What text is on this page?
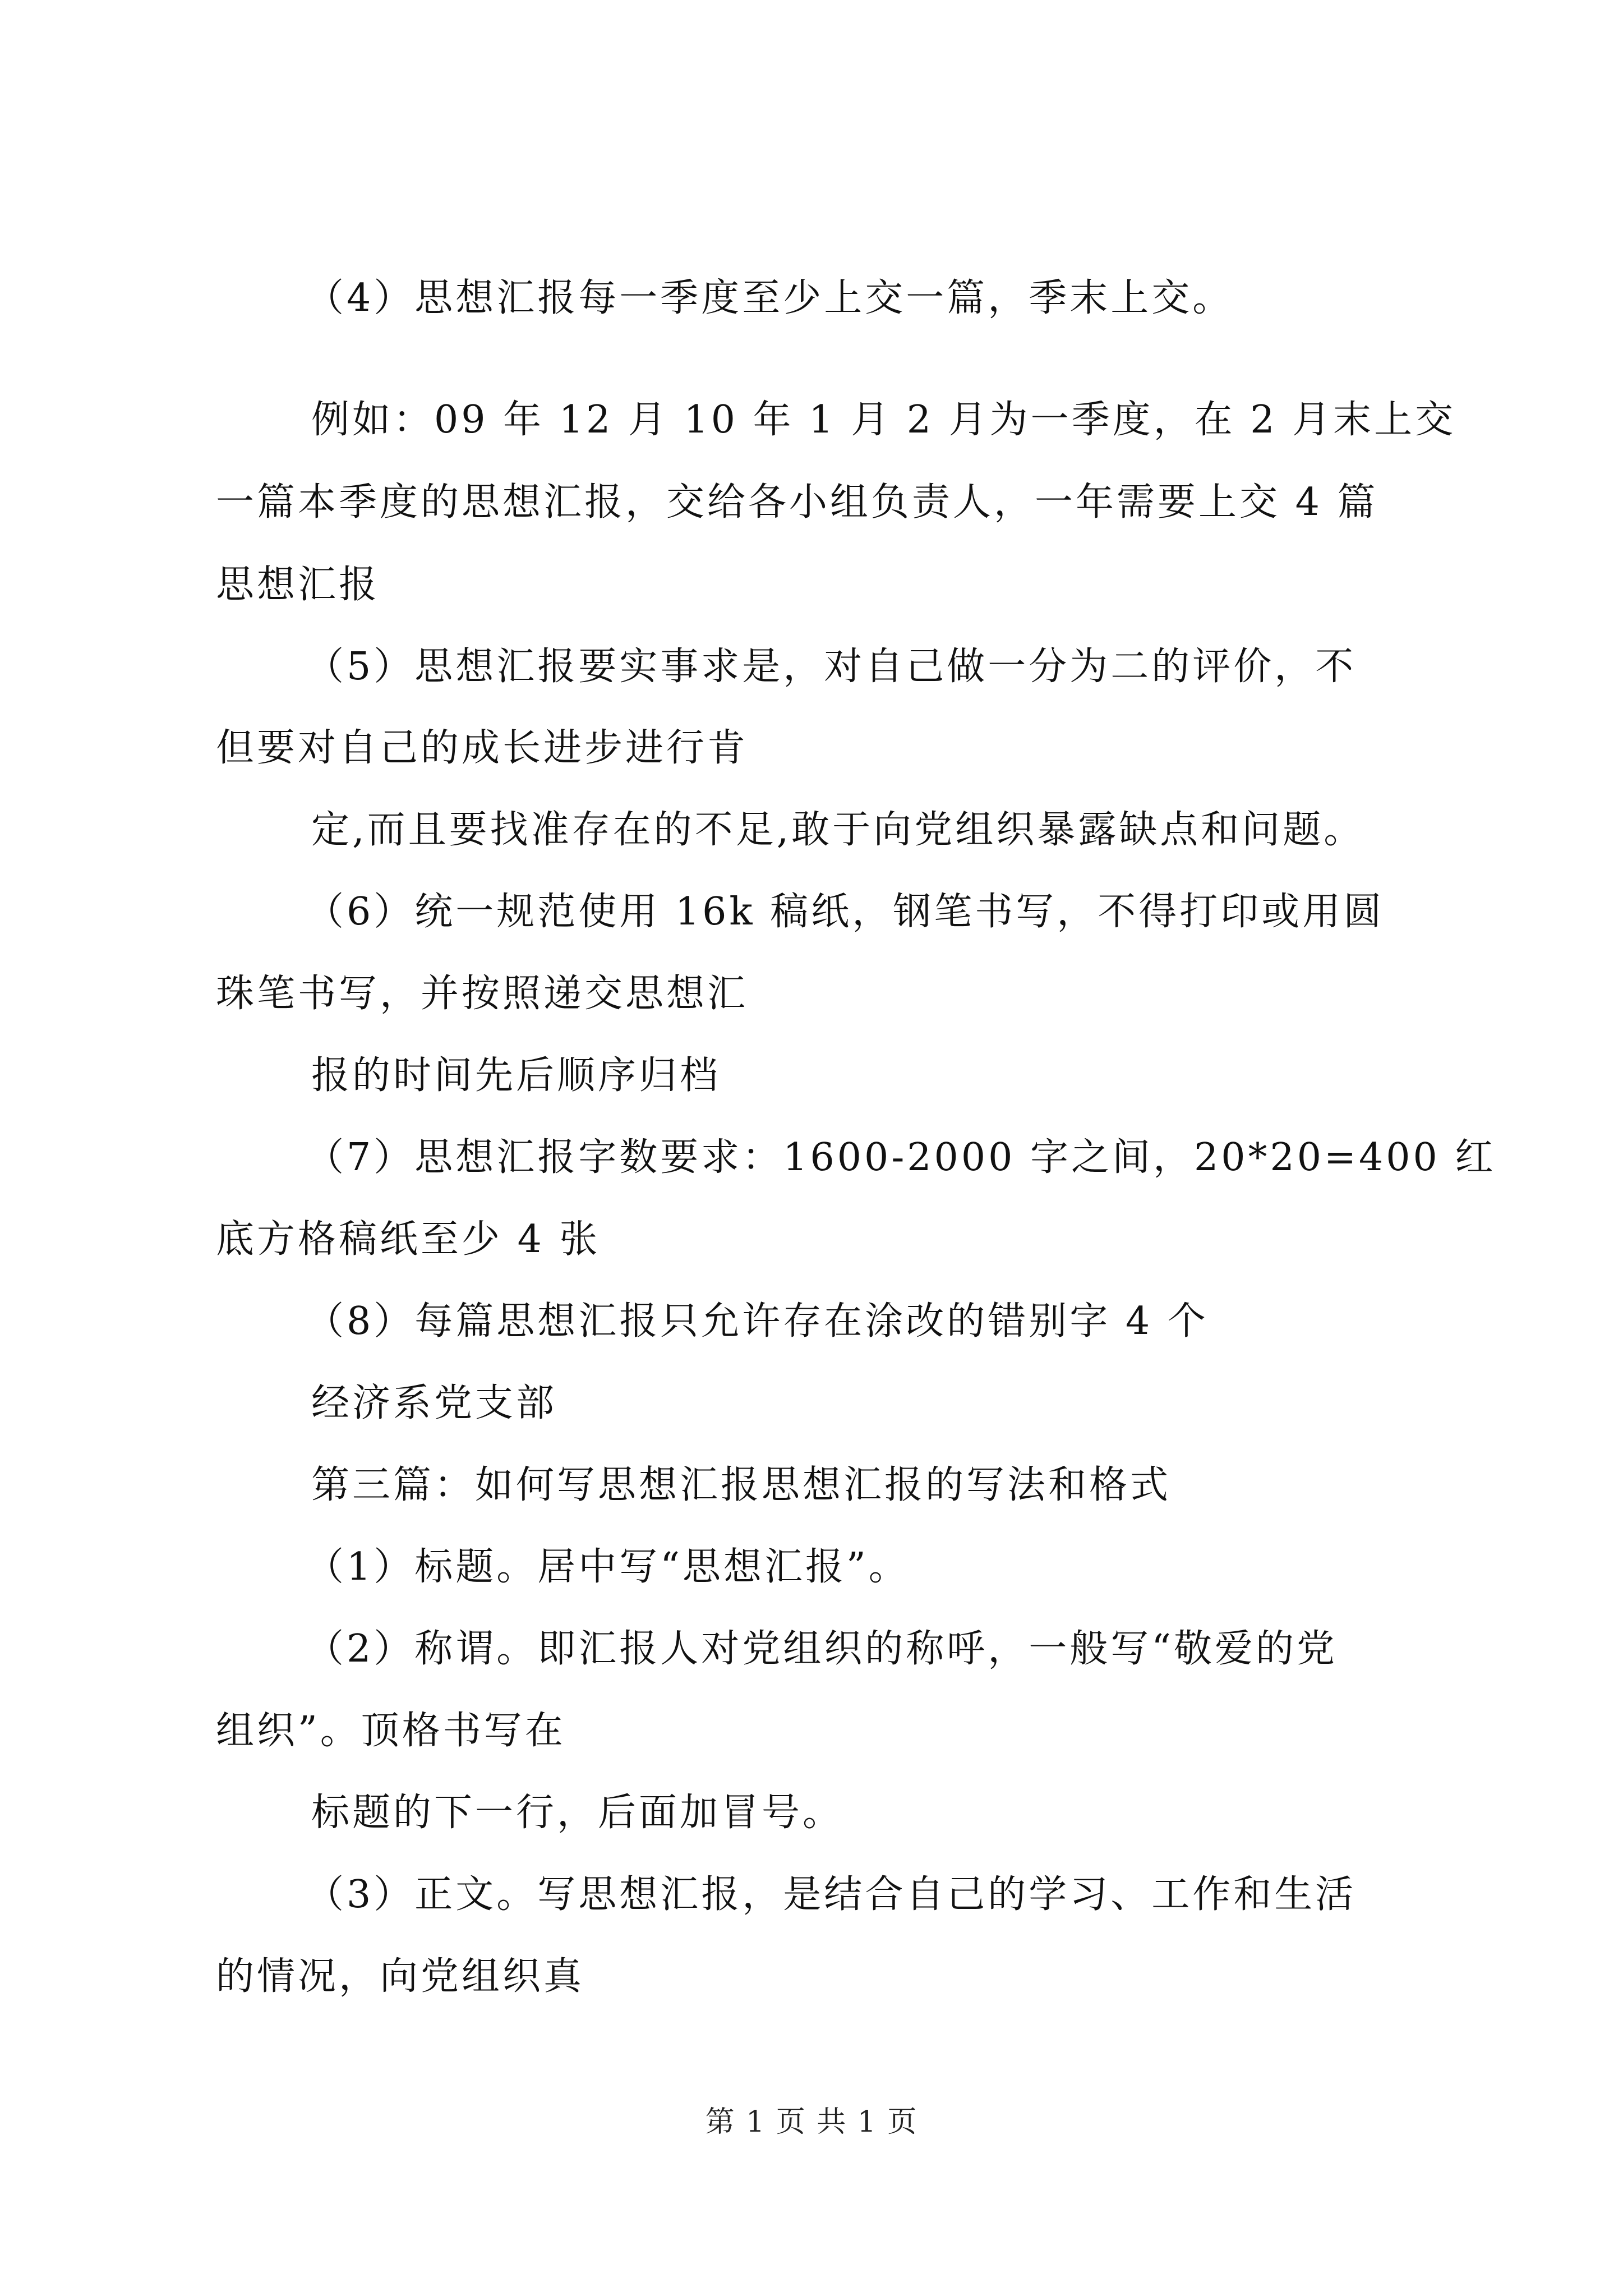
（4）思想汇报每一季度至少上交一篇，季末上交。
例如：09 年 12 月 10 年 1 月 2 月为一季度，在 2 月末上交
一篇本季度的思想汇报，交给各小组负责人，一年需要上交 4 篇
思想汇报
（5）思想汇报要实事求是，对自己做一分为二的评价，不
但要对自己的成长进步进行肯
定,而且要找准存在的不足,敢于向党组织暴露缺点和问题。
（6）统一规范使用 16k 稿纸，钢笔书写，不得打印或用圆
珠笔书写，并按照递交思想汇
报的时间先后顺序归档
（7）思想汇报字数要求：1600-2000 字之间，20*20=400 红
底方格稿纸至少 4 张
（8）每篇思想汇报只允许存在涂改的错别字 4 个
经济系党支部
第三篇：如何写思想汇报思想汇报的写法和格式
（1）标题。居中写“思想汇报”。
（2）称谓。即汇报人对党组织的称呼，一般写“敬爱的党
组织”。顶格书写在
标题的下一行，后面加冒号。
（3）正文。写思想汇报，是结合自己的学习、工作和生活
的情况，向党组织真
第 1 页 共 1 页
